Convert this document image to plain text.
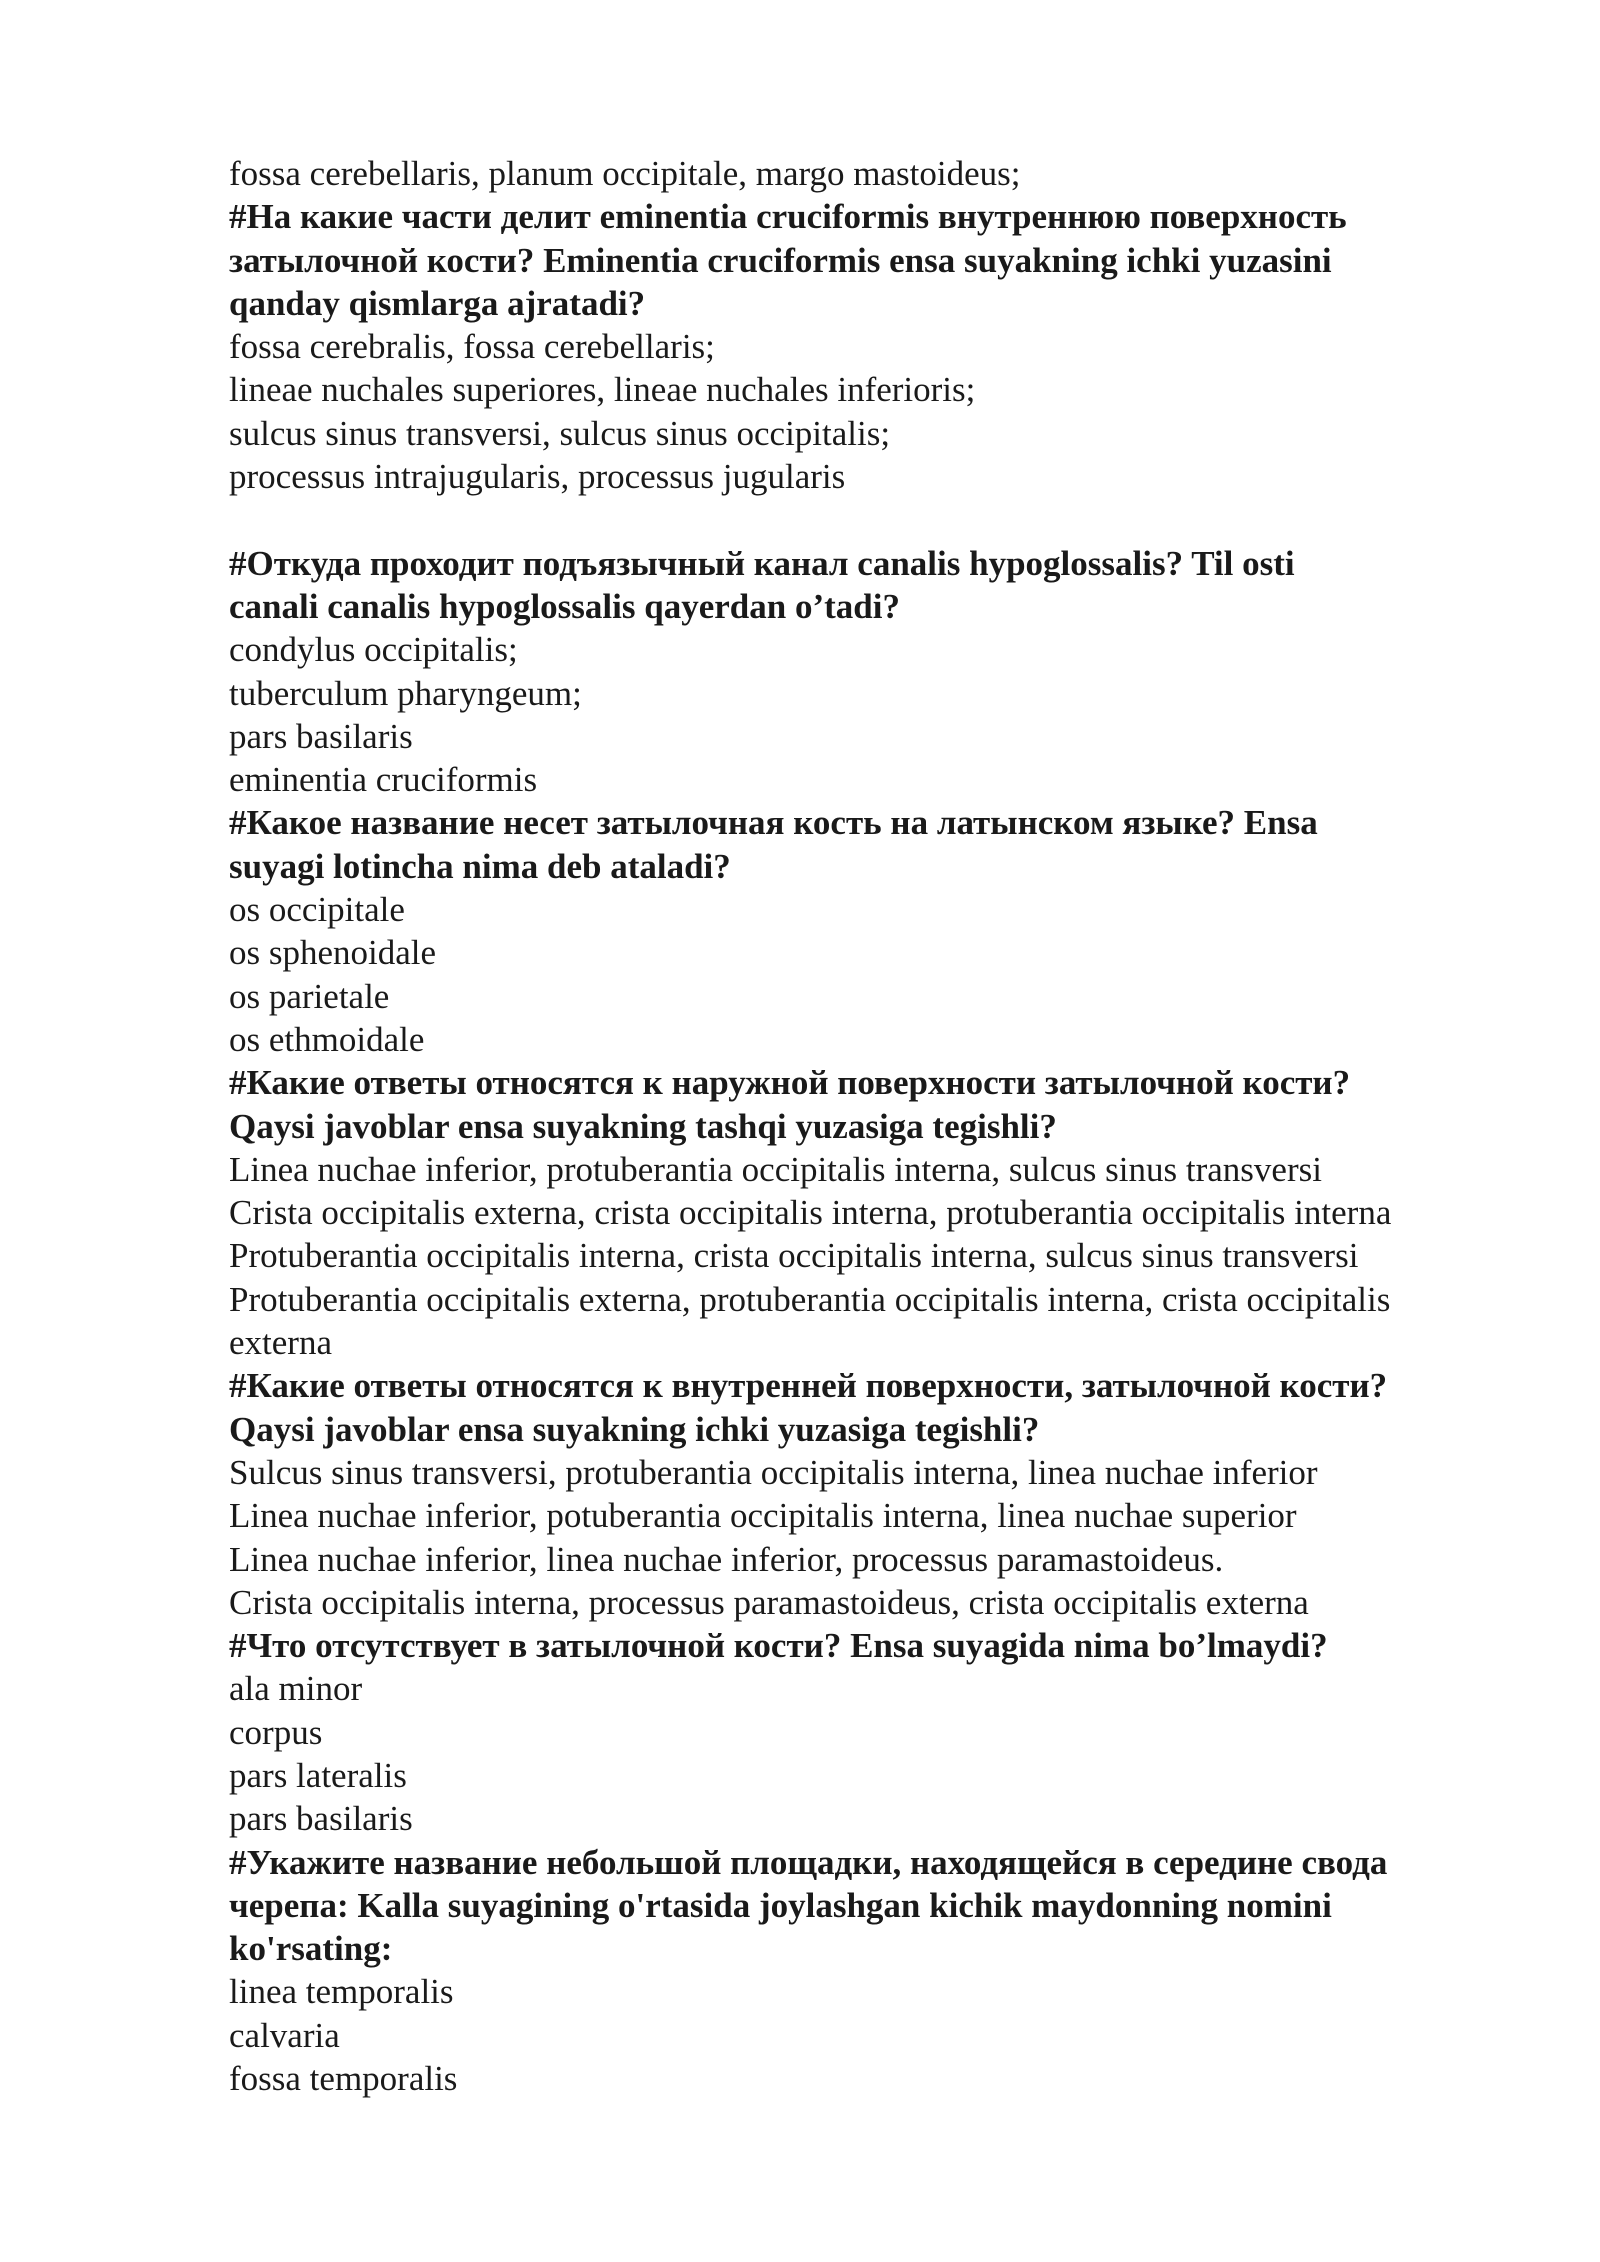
fossa cerebellaris, planum occipitale, margo mastoideus;
#На какие части делит eminentia cruciformis внутреннюю поверхность
затылочной кости? Eminentia cruciformis ensa suyakning ichki yuzasini
qanday qismlarga ajratadi?
fossa cerebralis, fossa cerebellaris;
lineae nuchales superiores, lineae nuchales inferioris;
sulcus sinus transversi, sulcus sinus occipitalis;
processus intrajugularis, processus jugularis
#Откуда проходит подъязычный канал canalis hypoglossalis? Til osti
canali canalis hypoglossalis qayerdan o’tadi?
condylus occipitalis;
tuberculum pharyngeum;
pars basilaris
eminentia cruciformis
#Какое название несет затылочная кость на латынском языке? Ensa
suyagi lotincha nima deb ataladi?
os occipitale
os sphenoidale
os parietale
os ethmoidale
#Какие ответы относятся к наружной поверхности затылочной кости?
Qaysi javoblar ensa suyakning tashqi yuzasiga tegishli?
Linea nuchae inferior, protuberantia occipitalis interna, sulcus sinus transversi
Crista occipitalis externa, crista occipitalis interna, protuberantia occipitalis interna
Protuberantia occipitalis interna, crista occipitalis interna, sulcus sinus transversi
Protuberantia occipitalis externa, protuberantia occipitalis interna, crista occipitalis
externa
#Какие ответы относятся к внутренней поверхности, затылочной кости?
Qaysi javoblar ensa suyakning ichki yuzasiga tegishli?
Sulcus sinus transversi, protuberantia occipitalis interna, linea nuchae inferior
Linea nuchae inferior, potuberantia occipitalis interna, linea nuchae superior
Linea nuchae inferior, linea nuchae inferior, processus paramastoideus.
Crista occipitalis interna, processus paramastoideus, crista occipitalis externa
#Что отсутствует в затылочной кости? Ensa suyagida nima bo’lmaydi?
ala minor
corpus
pars lateralis
pars basilaris
#Укажите название небольшой площадки, находящейся в середине свода
черепа: Kalla suyagining o'rtasida joylashgan kichik maydonning nomini
ko'rsating:
linea temporalis
calvaria
fossa temporalis
